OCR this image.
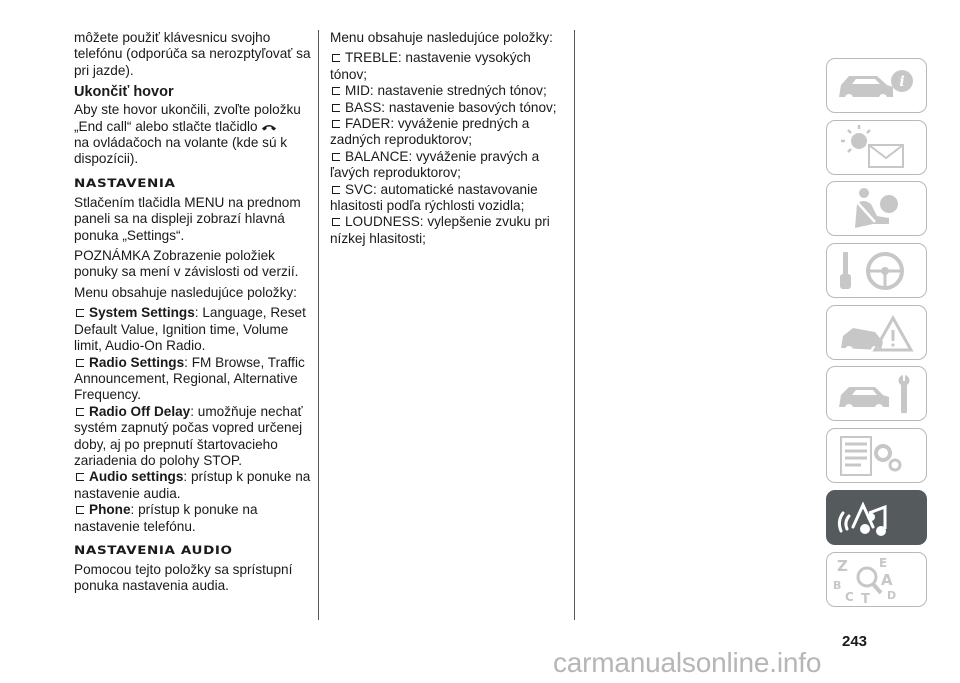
môžete použiť klávesnicu svojho telefónu (odporúča sa nerozptyľovať sa pri jazde).

Ukončiť hovor

Aby ste hovor ukončili, zvoľte položku „End call“ alebo stlačte tlačidlo
na ovládačoch na volante (kde sú k dispozícii).

NASTAVENIA

Stlačením tlačidla MENU na prednom paneli sa na displeji zobrazí hlavná ponuka „Settings“.

POZNÁMKA Zobrazenie položiek ponuky sa mení v závislosti od verzií.

Menu obsahuje nasledujúce položky:

System Settings: Language, Reset Default Value, Ignition time, Volume limit, Audio-On Radio.
Radio Settings: FM Browse, Traffic Announcement, Regional, Alternative Frequency.
Radio Off Delay: umožňuje nechať systém zapnutý počas vopred určenej doby, aj po prepnutí štartovacieho zariadenia do polohy STOP.
Audio settings: prístup k ponuke na nastavenie audia.
Phone: prístup k ponuke na nastavenie telefónu.
NASTAVENIA AUDIO

Pomocou tejto položky sa sprístupní ponuka nastavenia audia.

Menu obsahuje nasledujúce položky:

TREBLE: nastavenie vysokých tónov;
MID: nastavenie stredných tónov;
BASS: nastavenie basových tónov;
FADER: vyváženie predných a zadných reproduktorov;
BALANCE: vyváženie pravých a ľavých reproduktorov;
SVC: automatické nastavovanie hlasitosti podľa rýchlosti vozidla;
LOUDNESS: vylepšenie zvuku pri nízkej hlasitosti;
i
Z	E
B	A
C T D
243
carmanualsonline.info
